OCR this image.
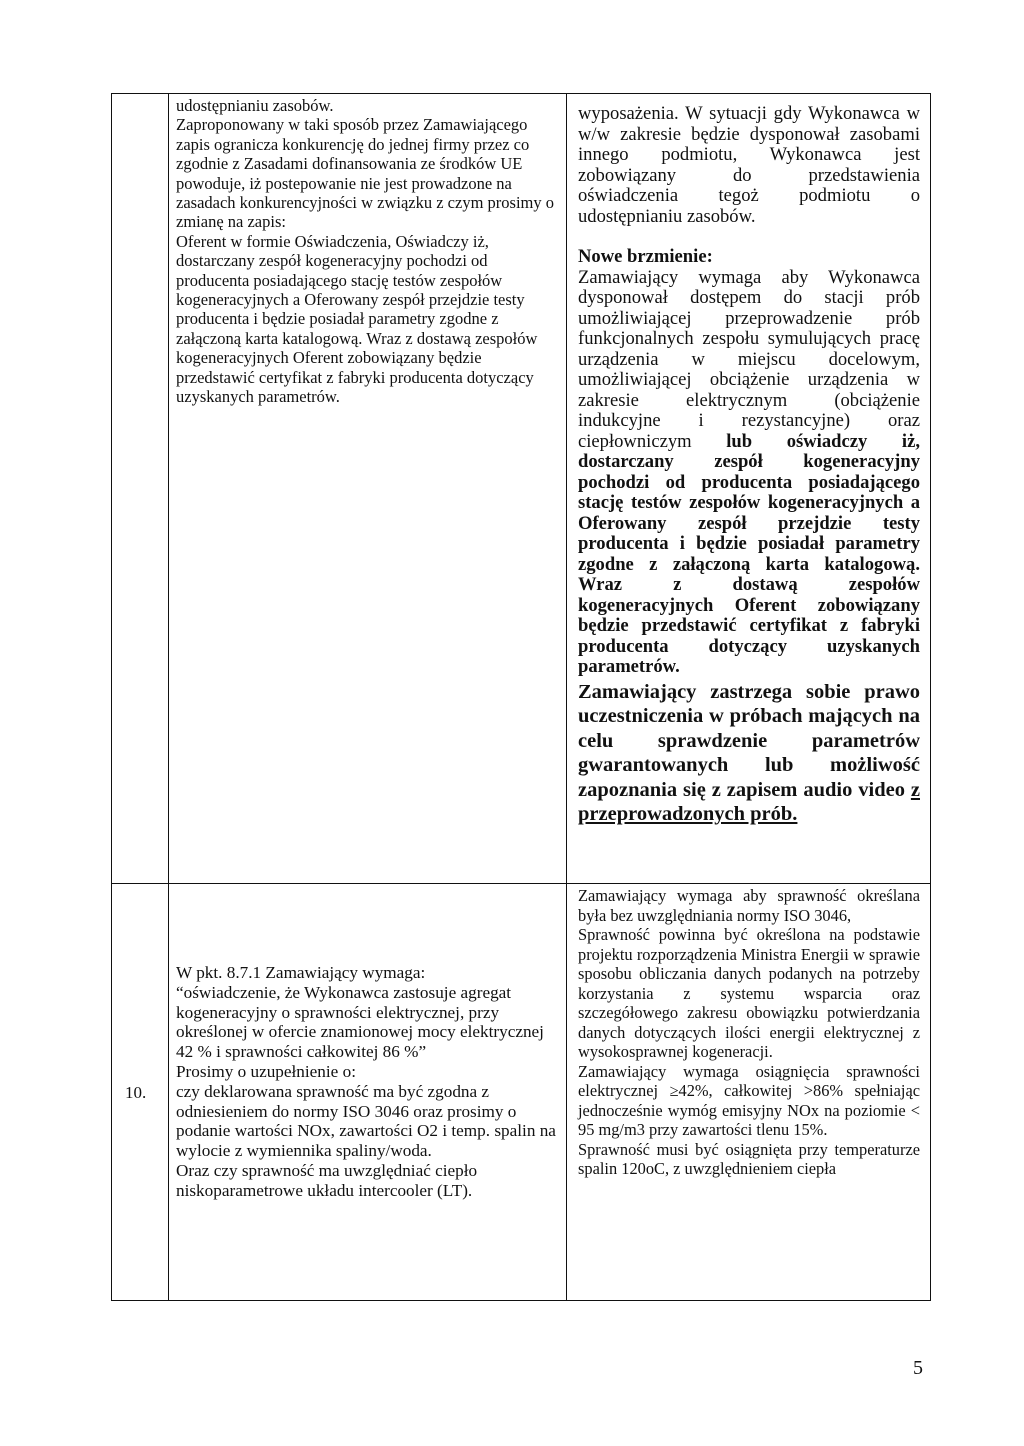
udostępnianiu zasobów.

Zaproponowany w taki sposób przez Zamawiającego zapis ogranicza konkurencję do jednej firmy przez co zgodnie z Zasadami dofinansowania ze środków UE powoduje, iż postepowanie nie jest prowadzone na zasadach konkurencyjności w związku z czym prosimy o zmianę na zapis:

Oferent w formie Oświadczenia, Oświadczy iż, dostarczany zespół kogeneracyjny pochodzi od producenta posiadającego stację testów zespołów kogeneracyjnych a Oferowany zespół przejdzie testy producenta i będzie posiadał parametry zgodne z załączoną karta katalogową. Wraz z dostawą zespołów kogeneracyjnych Oferent zobowiązany będzie przedstawić certyfikat z fabryki producenta dotyczący uzyskanych parametrów.

wyposażenia. W sytuacji gdy Wykonawca w w/w zakresie będzie dysponował zasobami innego podmiotu, Wykonawca jest zobowiązany do przedstawienia oświadczenia tegoż podmiotu o udostępnianiu zasobów.

Nowe brzmienie:

Zamawiający wymaga aby Wykonawca dysponował dostępem do stacji prób umożliwiającej przeprowadzenie prób funkcjonalnych zespołu symulujących pracę urządzenia w miejscu docelowym, umożliwiającej obciążenie urządzenia w zakresie elektrycznym (obciążenie indukcyjne i rezystancyjne) oraz ciepłowniczym lub oświadczy iż, dostarczany zespół kogeneracyjny pochodzi od producenta posiadającego stację testów zespołów kogeneracyjnych a Oferowany zespół przejdzie testy producenta i będzie posiadał parametry zgodne z załączoną karta katalogową. Wraz z dostawą zespołów kogeneracyjnych Oferent zobowiązany będzie przedstawić certyfikat z fabryki producenta dotyczący uzyskanych parametrów.

Zamawiający zastrzega sobie prawo uczestniczenia w próbach mających na celu sprawdzenie parametrów gwarantowanych lub możliwość zapoznania się z zapisem audio video z przeprowadzonych prób.

10.

W pkt. 8.7.1 Zamawiający wymaga:

“oświadczenie, że Wykonawca zastosuje agregat kogeneracyjny o sprawności elektrycznej, przy określonej w ofercie znamionowej mocy elektrycznej 42 % i sprawności całkowitej 86 %”

Prosimy o uzupełnienie o:

czy deklarowana sprawność ma być zgodna z odniesieniem do normy ISO 3046 oraz prosimy o podanie wartości NOx, zawartości O2 i temp. spalin na wylocie z wymiennika spaliny/woda.

Oraz czy sprawność ma uwzględniać ciepło niskoparametrowe układu intercooler (LT).

Zamawiający wymaga aby sprawność określana była bez uwzględniania normy ISO 3046,

Sprawność powinna być określona na podstawie projektu rozporządzenia Ministra Energii w sprawie sposobu obliczania danych podanych na potrzeby korzystania z systemu wsparcia oraz szczegółowego zakresu obowiązku potwierdzania danych dotyczących ilości energii elektrycznej z wysokosprawnej kogeneracji.

Zamawiający wymaga osiągnięcia sprawności elektrycznej ≥42%, całkowitej >86% spełniając jednocześnie wymóg emisyjny NOx na poziomie < 95 mg/m3 przy zawartości tlenu 15%.

Sprawność musi być osiągnięta przy temperaturze spalin 120oC, z uwzględnieniem ciepła

5
